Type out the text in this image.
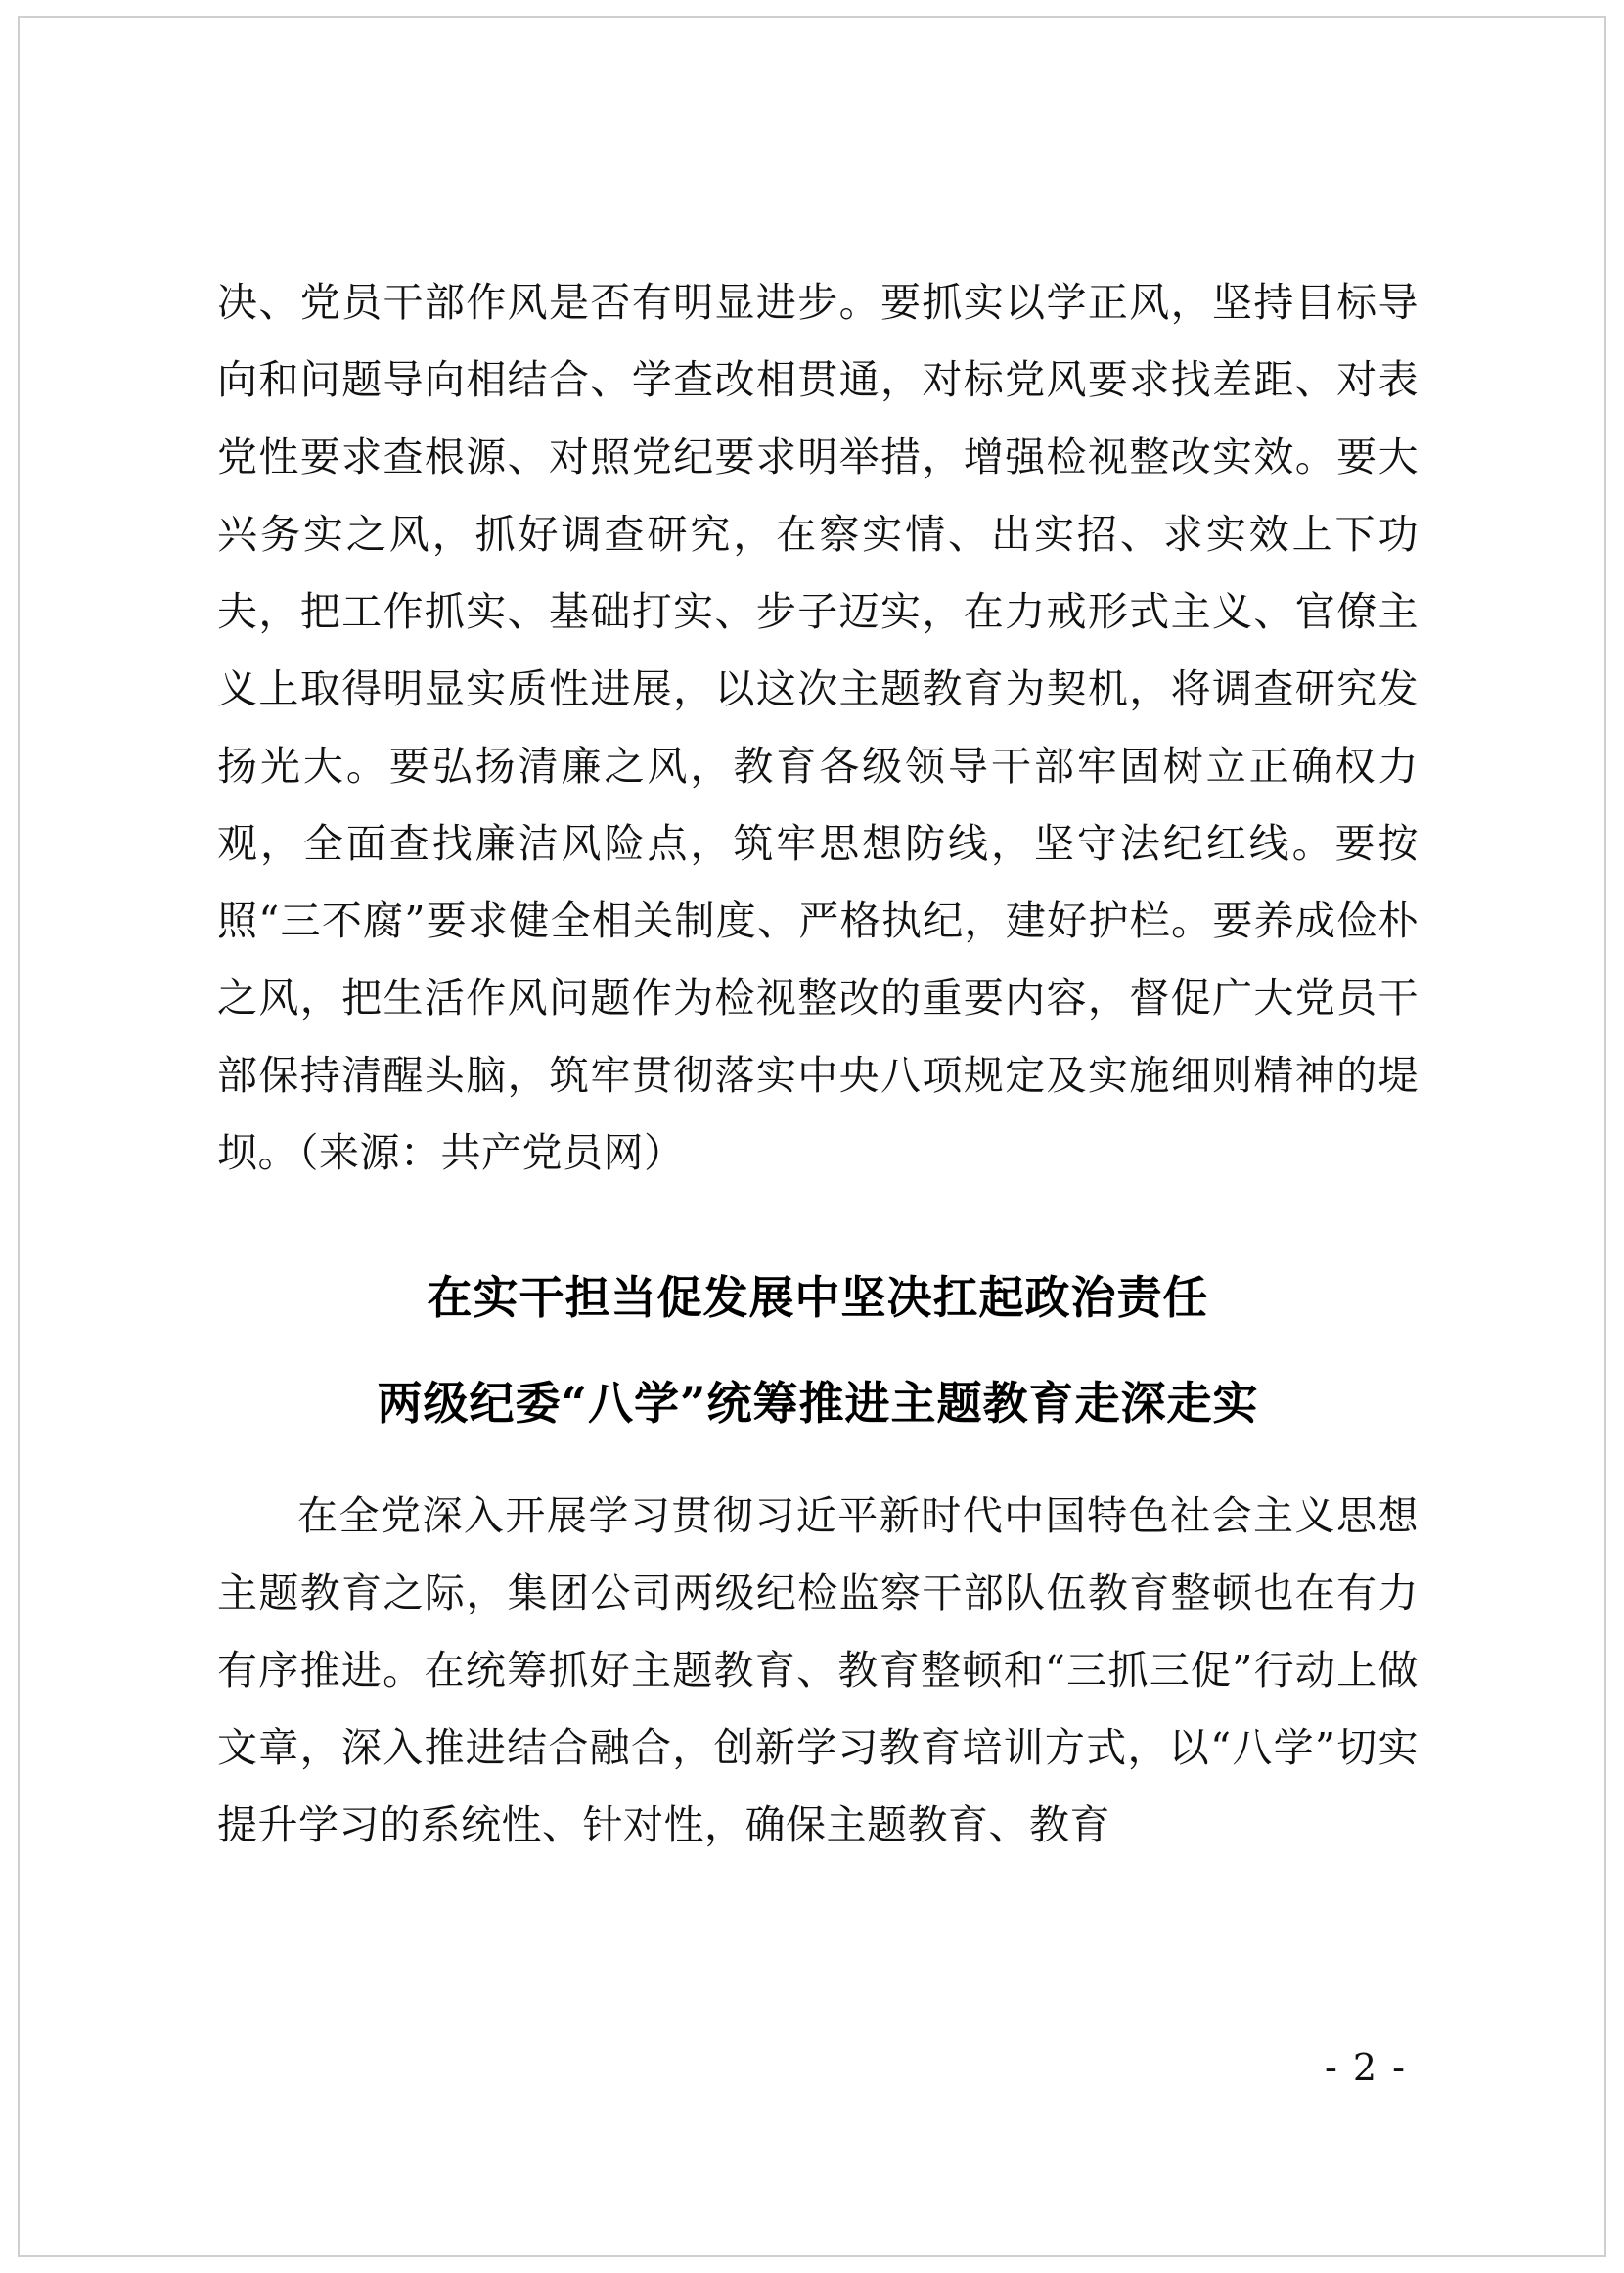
决、党员干部作风是否有明显进步。要抓实以学正风，坚持目标导向和问题导向相结合、学查改相贯通，对标党风要求找差距、对表党性要求查根源、对照党纪要求明举措，增强检视整改实效。要大兴务实之风，抓好调查研究，在察实情、出实招、求实效上下功夫，把工作抓实、基础打实、步子迈实，在力戒形式主义、官僚主义上取得明显实质性进展，以这次主题教育为契机，将调查研究发扬光大。要弘扬清廉之风，教育各级领导干部牢固树立正确权力观，全面查找廉洁风险点，筑牢思想防线，坚守法纪红线。要按照“三不腐”要求健全相关制度、严格执纪，建好护栏。要养成俭朴之风，把生活作风问题作为检视整改的重要内容，督促广大党员干部保持清醒头脑，筑牢贯彻落实中央八项规定及实施细则精神的堤坝。（来源：共产党员网）

在实干担当促发展中坚决扛起政治责任
两级纪委“八学”统筹推进主题教育走深走实

在全党深入开展学习贯彻习近平新时代中国特色社会主义思想主题教育之际，集团公司两级纪检监察干部队伍教育整顿也在有力有序推进。在统筹抓好主题教育、教育整顿和“三抓三促”行动上做文章，深入推进结合融合，创新学习教育培训方式，以“八学”切实提升学习的系统性、针对性，确保主题教育、教育

- 2 -
